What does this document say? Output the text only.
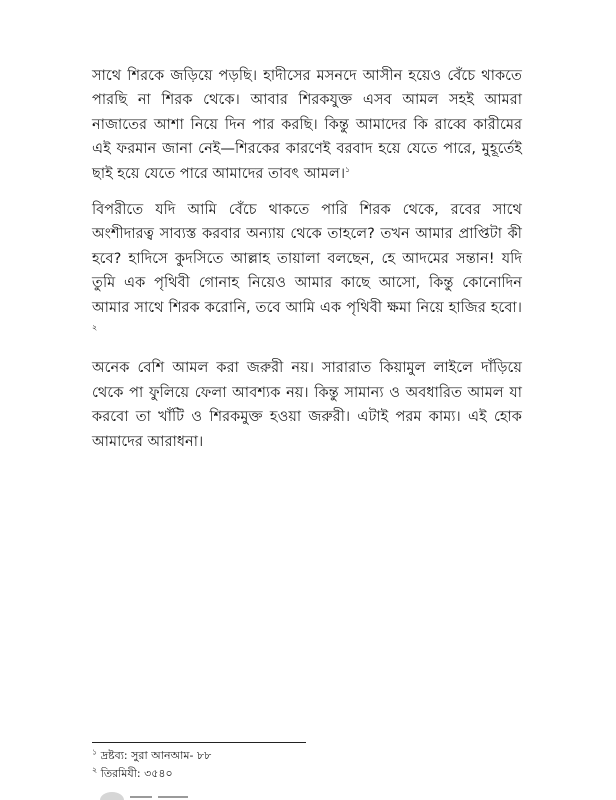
সাথে শিরকে জড়িয়ে পড়ছি। হাদীসের মসনদে আসীন হয়েও বেঁচে থাকতে পারছি না শিরক থেকে। আবার শিরকযুক্ত এসব আমল সহই আমরা নাজাতের আশা নিয়ে দিন পার করছি। কিন্তু আমাদের কি রাব্বে কারীমের এই ফরমান জানা নেই—শিরকের কারণেই বরবাদ হয়ে যেতে পারে, মুহূর্তেই ছাই হয়ে যেতে পারে আমাদের তাবৎ আমল।$^১$

বিপরীতে যদি আমি বেঁচে থাকতে পারি শিরক থেকে, রবের সাথে অংশীদারত্ব সাব্যস্ত করবার অন্যায় থেকে তাহলে? তখন আমার প্রাপ্তিটা কী হবে? হাদিসে কুদসিতে আল্লাহ তায়ালা বলছেন, হে আদমের সন্তান! যদি তুমি এক পৃথিবী গোনাহ নিয়েও আমার কাছে আসো, কিন্তু কোনোদিন আমার সাথে শিরক করোনি, তবে আমি এক পৃথিবী ক্ষমা নিয়ে হাজির হবো।$^২$

অনেক বেশি আমল করা জরুরী নয়। সারারাত কিয়ামুল লাইলে দাঁড়িয়ে থেকে পা ফুলিয়ে ফেলা আবশ্যক নয়। কিন্তু সামান্য ও অবধারিত আমল যা করবো তা খাঁটি ও শিরকমুক্ত হওয়া জরুরী। এটাই পরম কাম্য। এই হোক আমাদের আরাধনা।

$^১$ দ্রষ্টব্য: সুরা আনআম- ৮৮

$^২$ তিরমিযী: ৩৫৪০
